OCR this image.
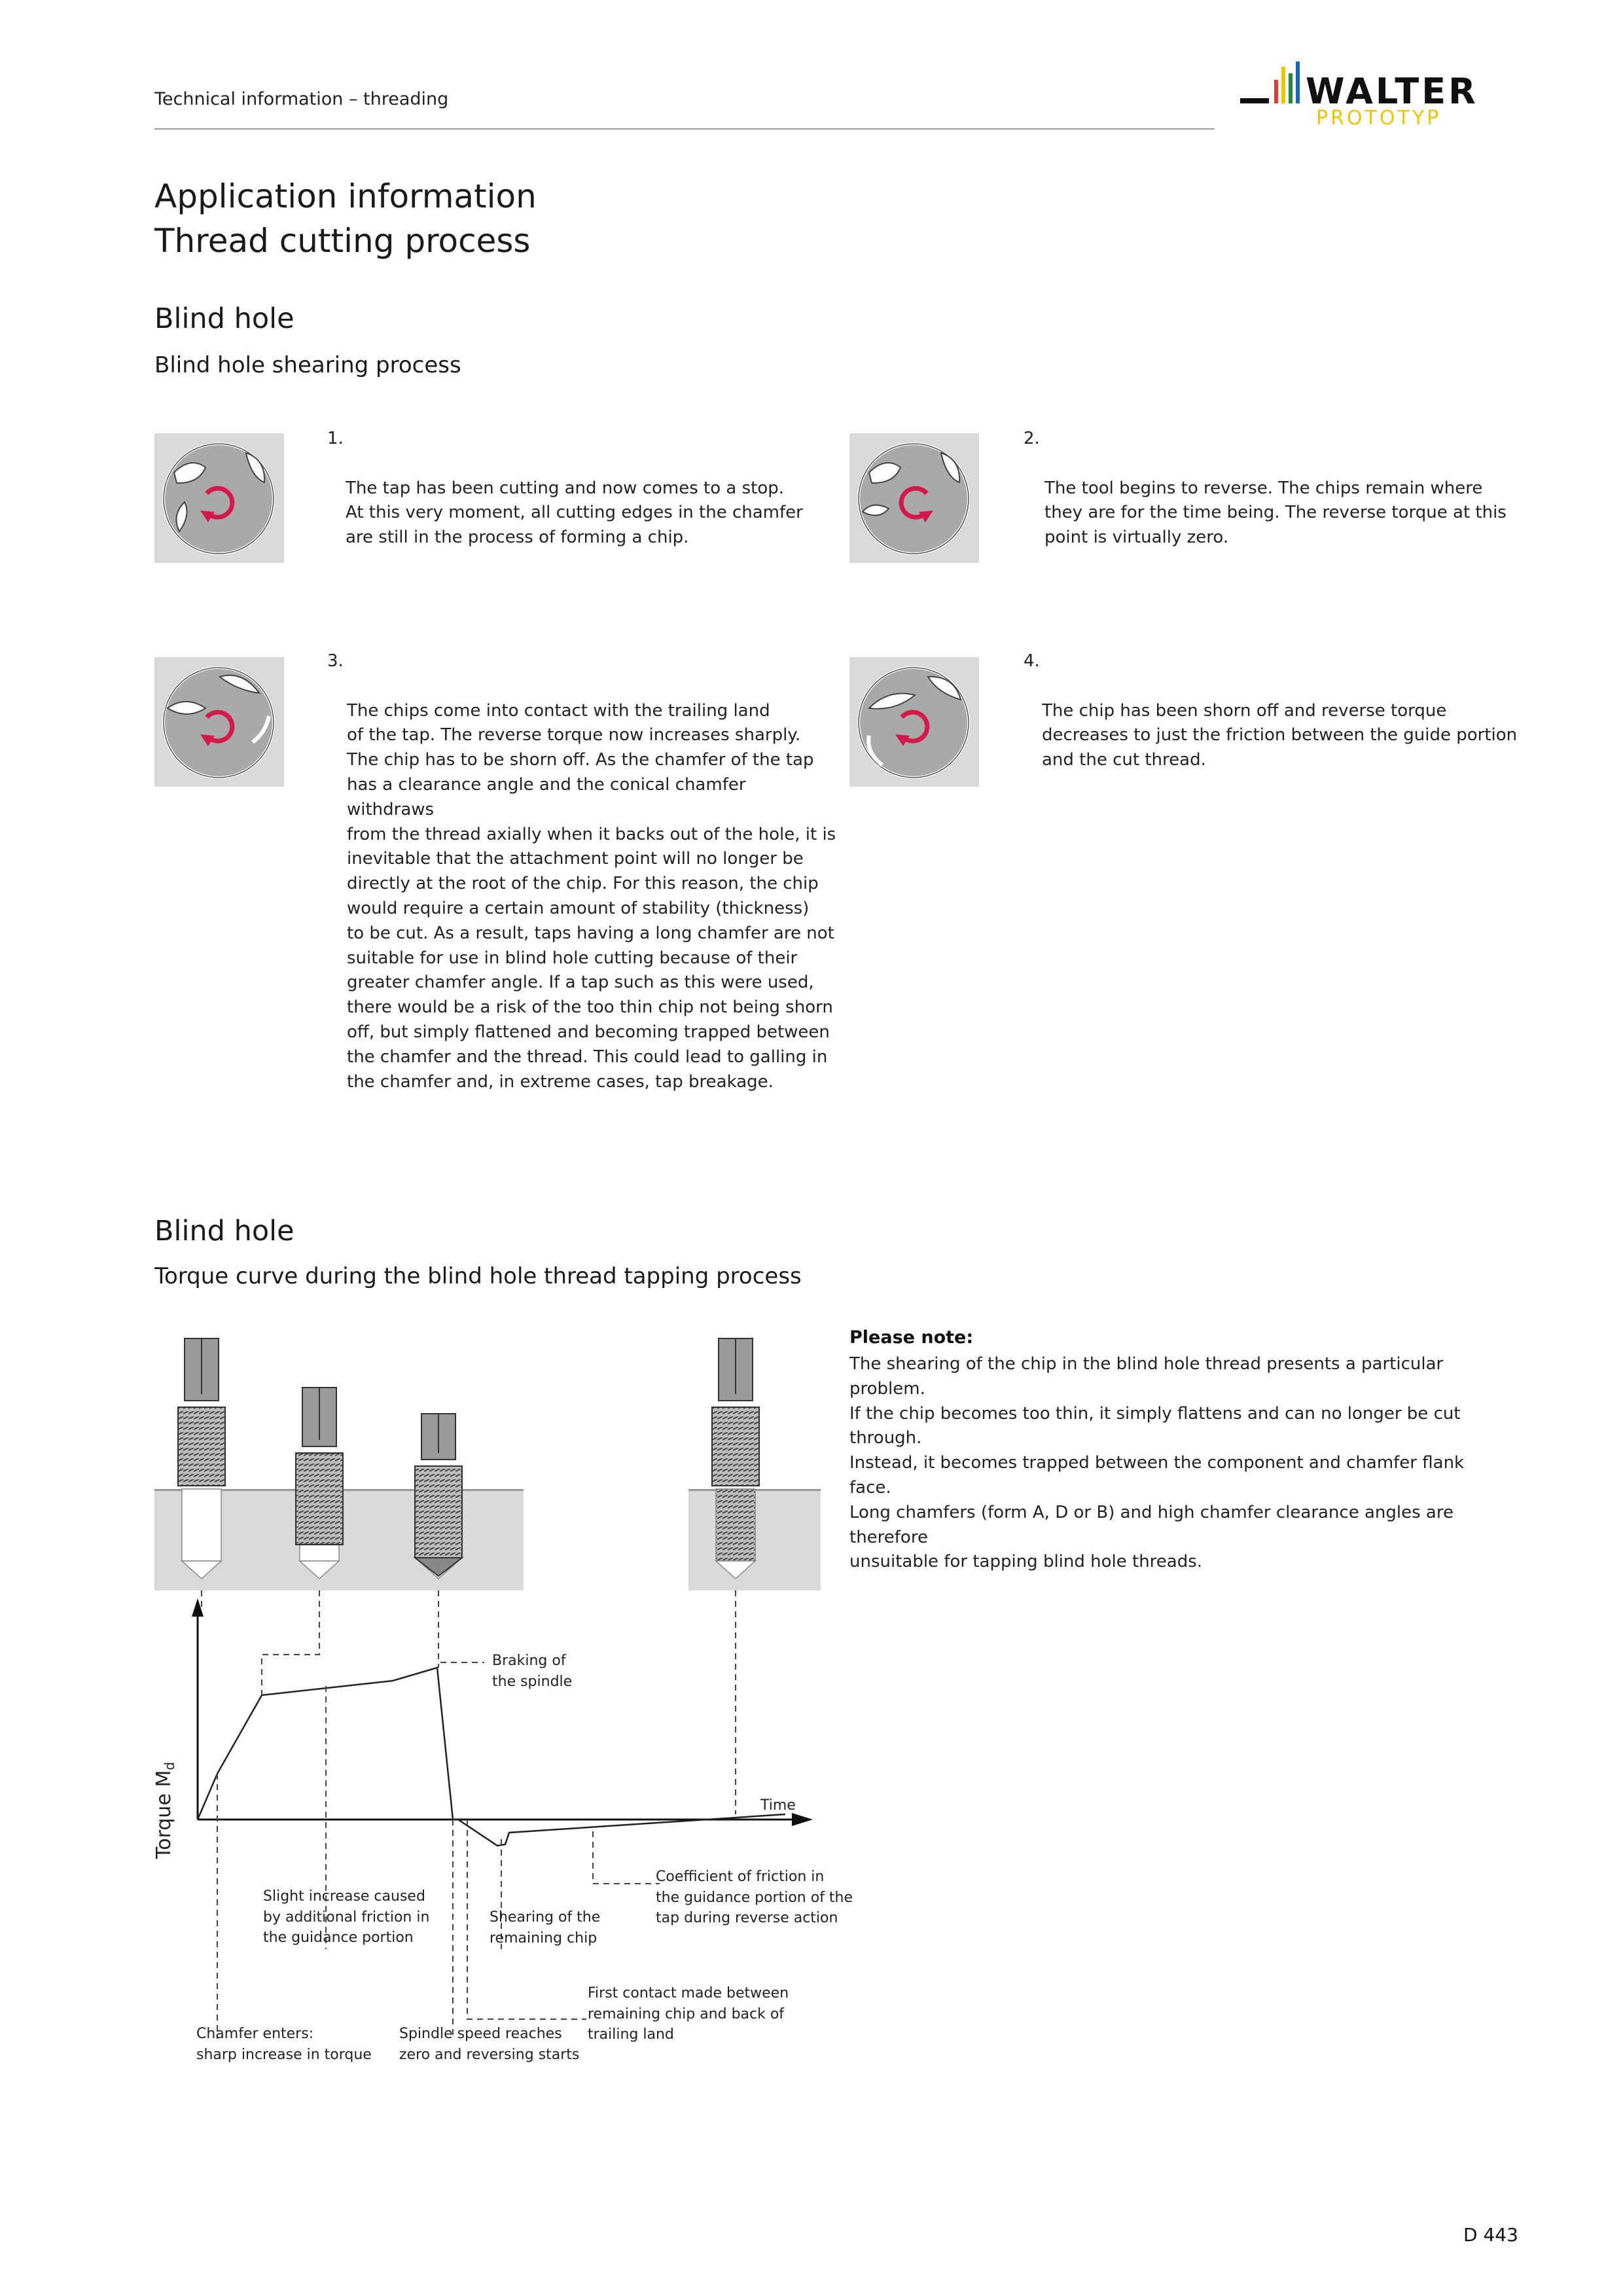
Technical information – threading	WALTER
PROTOTYP
Application information
Thread cutting process
Blind hole
Blind hole shearing process

1.

The tap has been cutting and now comes to a stop.
At this very moment, all cutting edges in the chamfer
are still in the process of forming a chip.

2.

The tool begins to reverse. The chips remain where
they are for the time being. The reverse torque at this
point is virtually zero.

3.

The chips come into contact with the trailing land
of the tap. The reverse torque now increases sharply.
The chip has to be shorn off. As the chamfer of the tap
has a clearance angle and the conical chamfer withdraws
from the thread axially when it backs out of the hole, it is
inevitable that the attachment point will no longer be
directly at the root of the chip. For this reason, the chip
would require a certain amount of stability (thickness)
to be cut. As a result, taps having a long chamfer are not
suitable for use in blind hole cutting because of their
greater chamfer angle. If a tap such as this were used,
there would be a risk of the too thin chip not being shorn
off, but simply flattened and becoming trapped between
the chamfer and the thread. This could lead to galling in
the chamfer and, in extreme cases, tap breakage.

4.

The chip has been shorn off and reverse torque
decreases to just the friction between the guide portion
and the cut thread.

Blind hole
Torque curve during the blind hole thread tapping process
Please note:
The shearing of the chip in the blind hole thread presents a particular problem.
If the chip becomes too thin, it simply flattens and can no longer be cut through.
Instead, it becomes trapped between the component and chamfer flank face.
Long chamfers (form A, D or B) and high chamfer clearance angles are therefore
unsuitable for tapping blind hole threads.
Torque $M_d$
Time
Braking of
the spindle
Slight increase caused
by additional friction in
the guidance portion
Shearing of the
remaining chip
Coefficient of friction in
the guidance portion of the
tap during reverse action
First contact made between
remaining chip and back of
trailing land
Chamfer enters:
sharp increase in torque
Spindle speed reaches
zero and reversing starts
D 443
